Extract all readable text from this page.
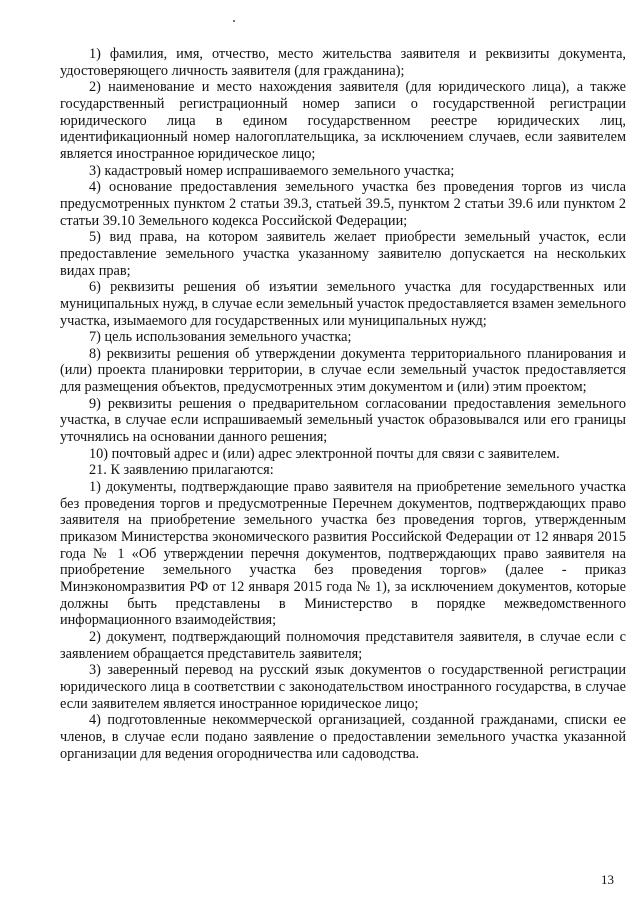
1) фамилия, имя, отчество, место жительства заявителя и реквизиты документа, удостоверяющего личность заявителя (для гражданина);

2) наименование и место нахождения заявителя (для юридического лица), а также государственный регистрационный номер записи о государственной регистрации юридического лица в едином государственном реестре юридических лиц, идентификационный номер налогоплательщика, за исключением случаев, если заявителем является иностранное юридическое лицо;

3) кадастровый номер испрашиваемого земельного участка;

4) основание предоставления земельного участка без проведения торгов из числа предусмотренных пунктом 2 статьи 39.3, статьей 39.5, пунктом 2 статьи 39.6 или пунктом 2 статьи 39.10 Земельного кодекса Российской Федерации;

5) вид права, на котором заявитель желает приобрести земельный участок, если предоставление земельного участка указанному заявителю допускается на нескольких видах прав;

6) реквизиты решения об изъятии земельного участка для государственных или муниципальных нужд, в случае если земельный участок предоставляется взамен земельного участка, изымаемого для государственных или муниципальных нужд;

7) цель использования земельного участка;

8) реквизиты решения об утверждении документа территориального планирования и (или) проекта планировки территории, в случае если земельный участок предоставляется для размещения объектов, предусмотренных этим документом и (или) этим проектом;

9) реквизиты решения о предварительном согласовании предоставления земельного участка, в случае если испрашиваемый земельный участок образовывался или его границы уточнялись на основании данного решения;

10) почтовый адрес и (или) адрес электронной почты для связи с заявителем.

21. К заявлению прилагаются:

1) документы, подтверждающие право заявителя на приобретение земельного участка без проведения торгов и предусмотренные Перечнем документов, подтверждающих право заявителя на приобретение земельного участка без проведения торгов, утвержденным приказом Министерства экономического развития Российской Федерации от 12 января 2015 года № 1 «Об утверждении перечня документов, подтверждающих право заявителя на приобретение земельного участка без проведения торгов» (далее - приказ Минэкономразвития РФ от 12 января 2015 года № 1), за исключением документов, которые должны быть представлены в Министерство в порядке межведомственного информационного взаимодействия;

2) документ, подтверждающий полномочия представителя заявителя, в случае если с заявлением обращается представитель заявителя;

3) заверенный перевод на русский язык документов о государственной регистрации юридического лица в соответствии с законодательством иностранного государства, в случае если заявителем является иностранное юридическое лицо;

4) подготовленные некоммерческой организацией, созданной гражданами, списки ее членов, в случае если подано заявление о предоставлении земельного участка указанной организации для ведения огородничества или садоводства.

13
